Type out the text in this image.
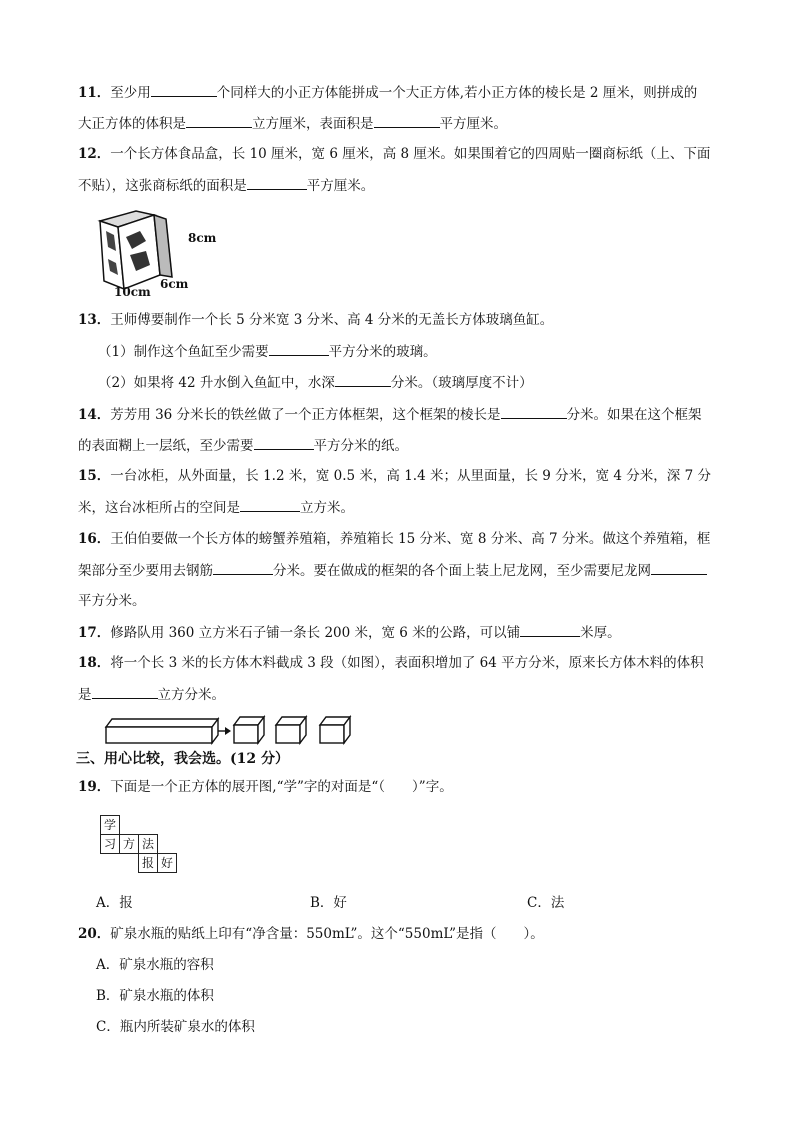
11．至少用	个同样大的小正方体能拼成一个大正方体,若小正方体的棱长是 2 厘米，则拼成的
大正方体的体积是	立方厘米，表面积是	平方厘米。
12．一个长方体食品盒，长 10 厘米，宽 6 厘米，高 8 厘米。如果围着它的四周贴一圈商标纸（上、下面
不贴），这张商标纸的面积是	平方厘米。
8cm
6cm
10cm
13．王师傅要制作一个长 5 分米宽 3 分米、高 4 分米的无盖长方体玻璃鱼缸。
（1）制作这个鱼缸至少需要	平方分米的玻璃。
（2）如果将 42 升水倒入鱼缸中，水深	分米。（玻璃厚度不计）
14．芳芳用 36 分米长的铁丝做了一个正方体框架，这个框架的棱长是	分米。如果在这个框架
的表面糊上一层纸，至少需要	平方分米的纸。
15．一台冰柜，从外面量，长 1.2 米，宽 0.5 米，高 1.4 米；从里面量，长 9 分米，宽 4 分米，深 7 分
米，这台冰柜所占的空间是	立方米。
16．王伯伯要做一个长方体的螃蟹养殖箱，养殖箱长 15 分米、宽 8 分米、高 7 分米。做这个养殖箱，框
架部分至少要用去钢筋	分米。要在做成的框架的各个面上装上尼龙网，至少需要尼龙网
平方分米。
17．修路队用 360 立方米石子铺一条长 200 米，宽 6 米的公路，可以铺	米厚。
18．将一个长 3 米的长方体木料截成 3 段（如图），表面积增加了 64 平方分米，原来长方体木料的体积
是	立方分米。
三、用心比较，我会选。(12 分）
19．下面是一个正方体的展开图,“学”字的对面是“（　　）”字。
学
习 方 法
报 好
A．报	B．好	C．法
20．矿泉水瓶的贴纸上印有“净含量：550mL”。这个“550mL”是指（　　）。
A．矿泉水瓶的容积
B．矿泉水瓶的体积
C．瓶内所装矿泉水的体积
